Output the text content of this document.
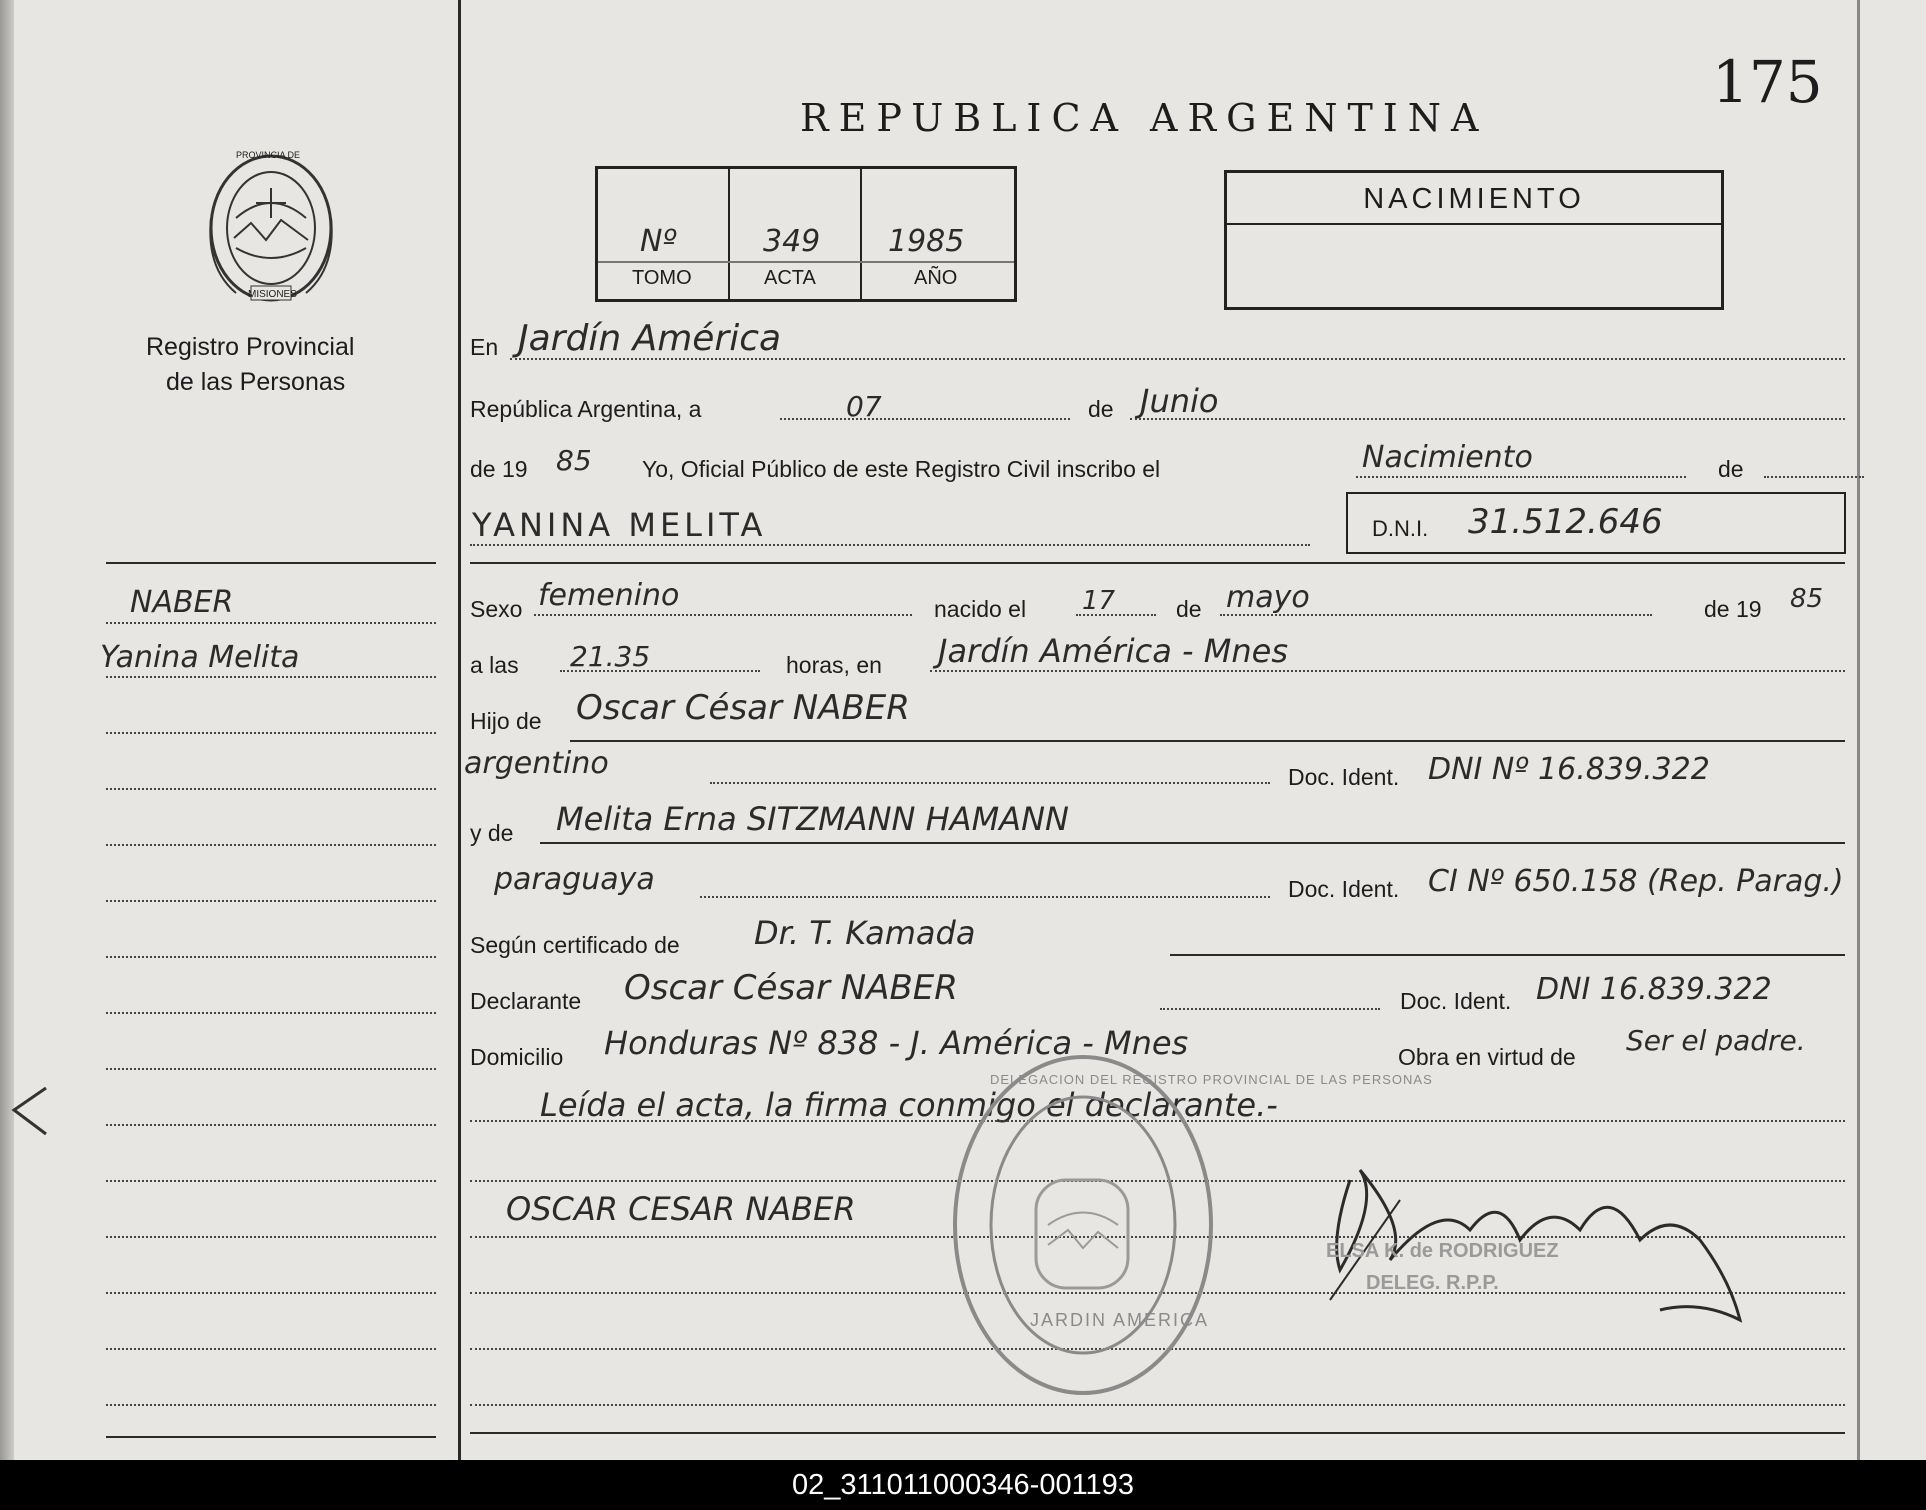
175
REPUBLICA ARGENTINA
PROVINCIA DE
MISIONES
Registro Provincial
de las Personas
Nº	349 1985
TOMO	ACTA	AÑO
NACIMIENTO
NABER
Yanina Melita
En Jardín América
República Argentina, a	07	de Junio
de 19 85 Yo, Oficial Público de este Registro Civil inscribo el	Nacimiento	de
YANINA MELITA	D.N.I. 31.512.646
Sexo femenino	nacido el 17	de mayo	de 19 85
a las 21.35	horas, en Jardín América - Mnes
Hijo de Oscar César NABER
argentino	Doc. Ident. DNI Nº 16.839.322
y de Melita Erna SITZMANN HAMANN
paraguaya	Doc. Ident. CI Nº 650.158 (Rep. Parag.)
Según certificado de Dr. T. Kamada
Declarante Oscar César NABER	Doc. Ident. DNI 16.839.322
Domicilio Honduras Nº 838 - J. América - Mnes	Obra en virtud de Ser el padre.
Leída el acta, la firma conmigo el declarante.-
OSCAR CESAR NABER
DELEGACION DEL REGISTRO PROVINCIAL DE LAS PERSONAS
JARDIN AMERICA
ELSA K. de RODRIGUEZ
DELEG. R.P.P.
02_311011000346-001193
